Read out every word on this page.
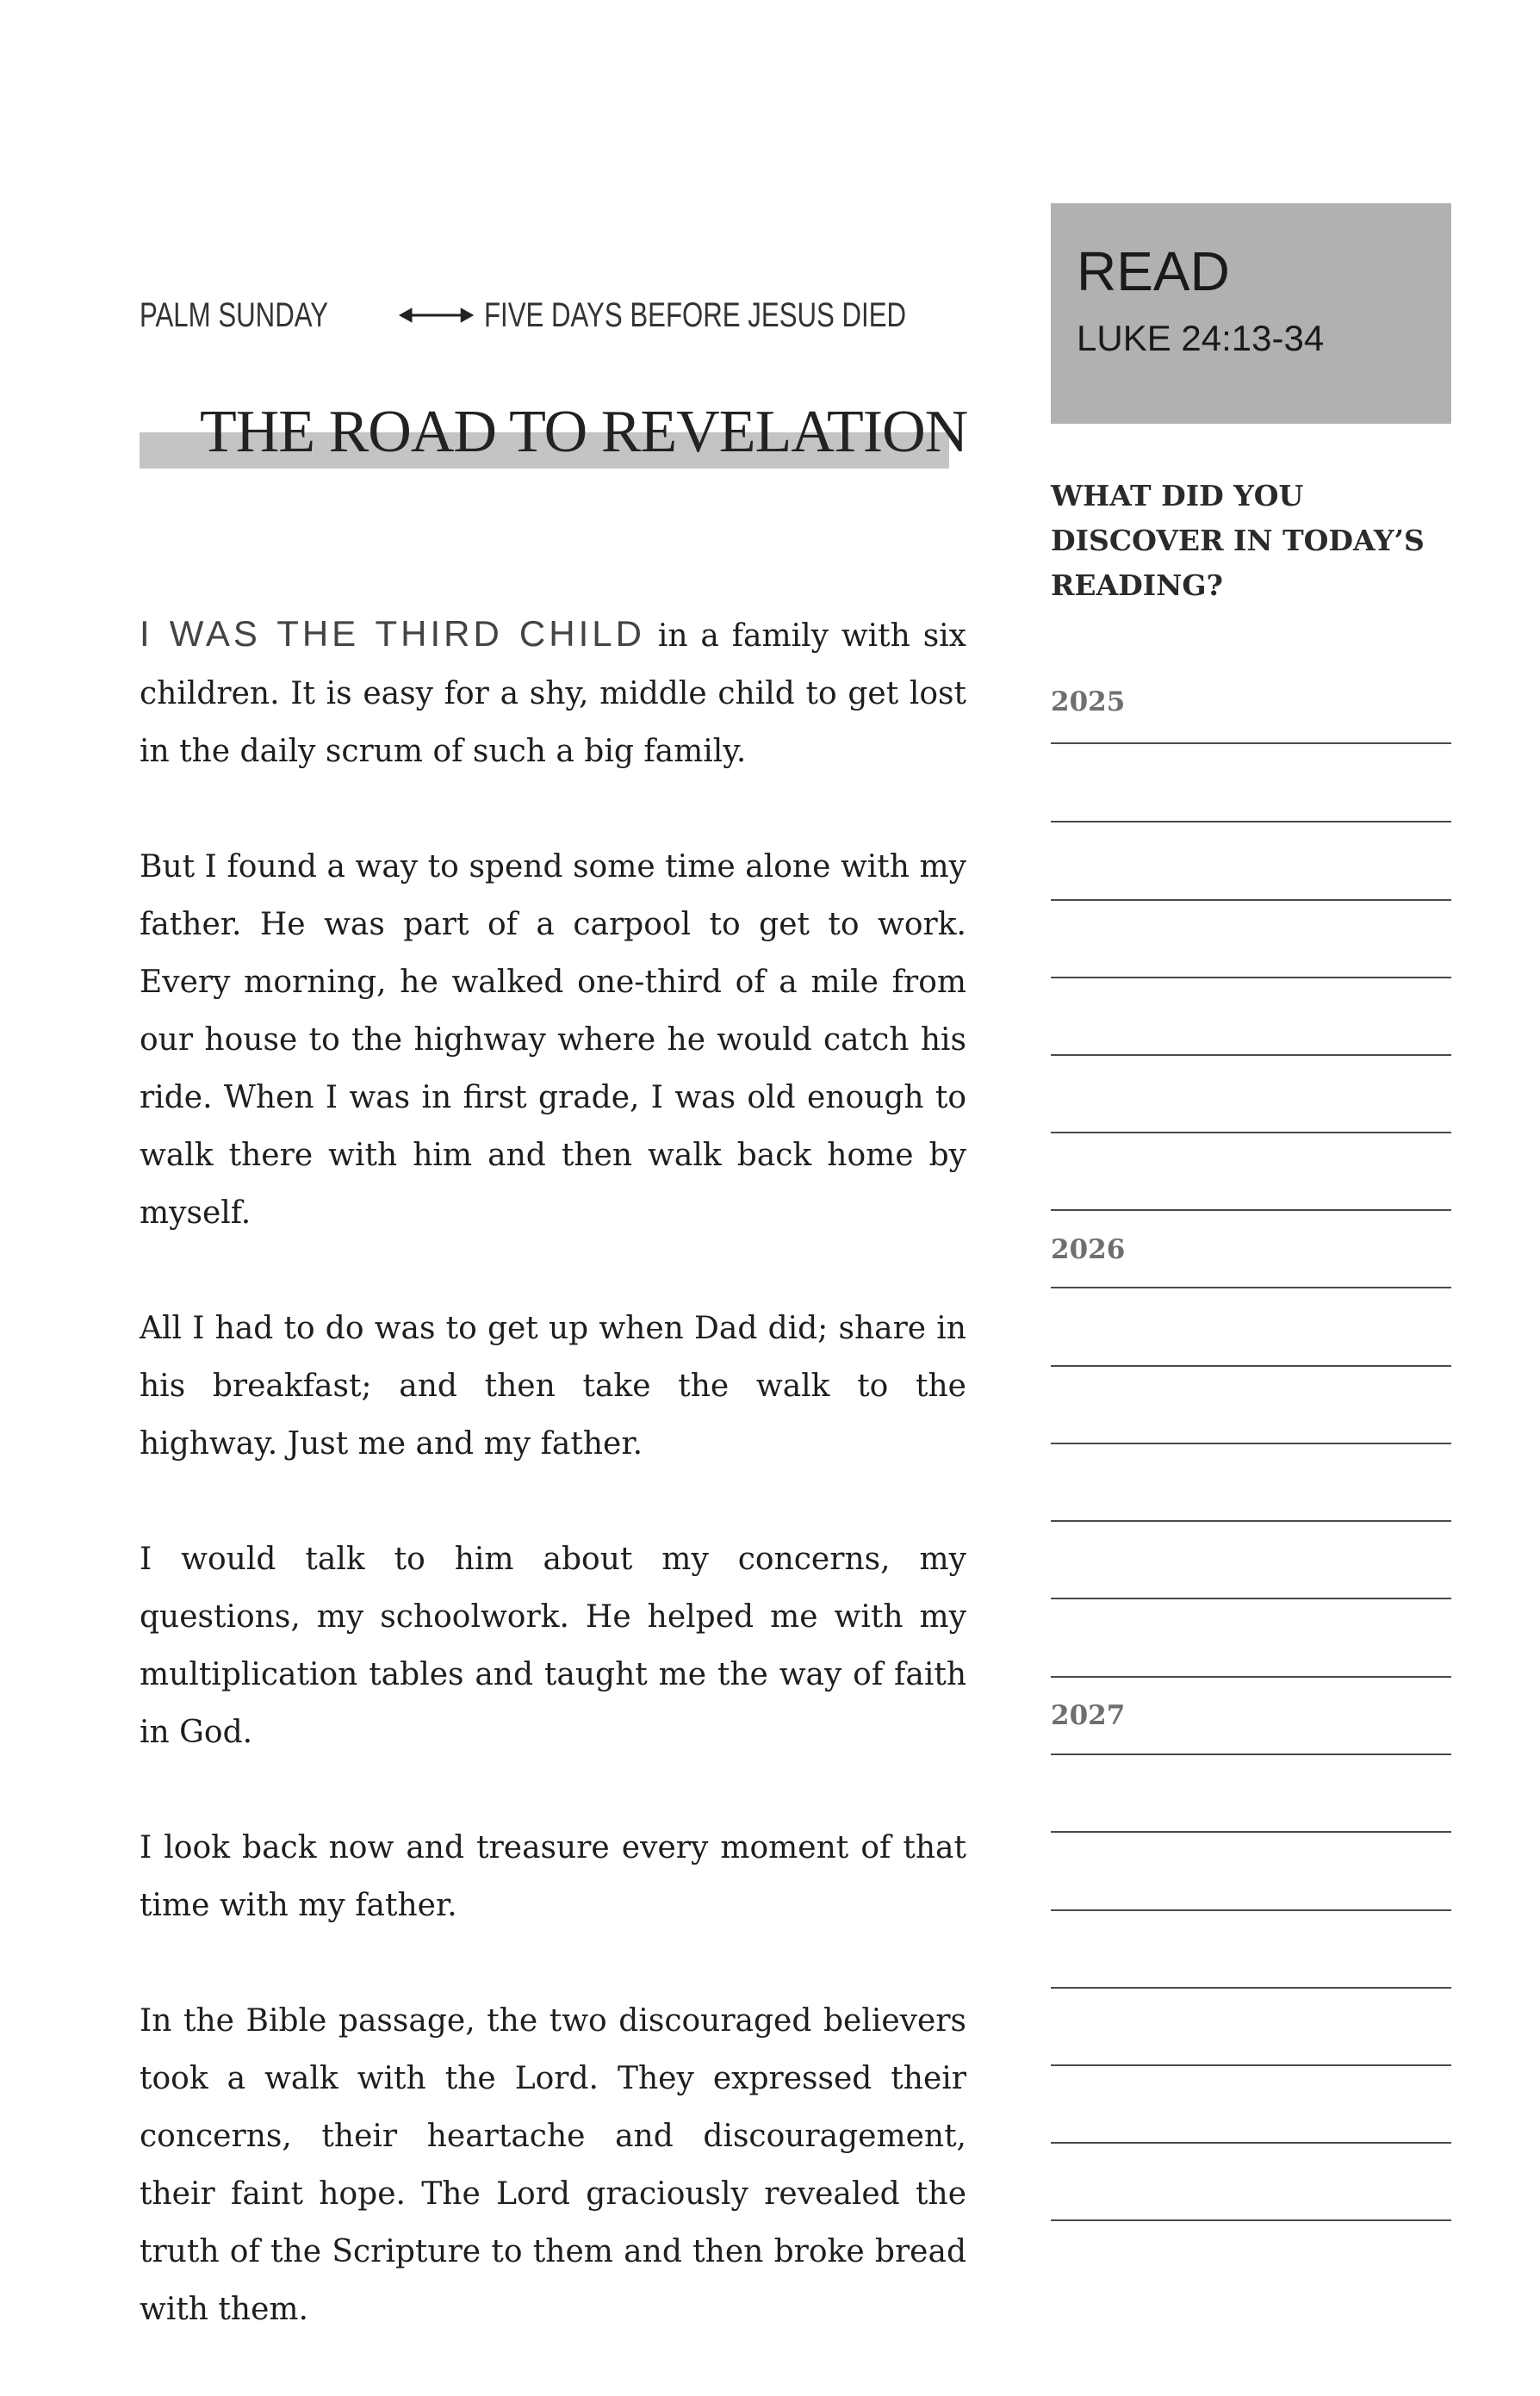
PALM SUNDAY	FIVE DAYS BEFORE JESUS DIED
THE ROAD TO REVELATION

I WAS THE THIRD CHILD in a family with six children. It is easy for a shy, middle child to get lost in the daily scrum of such a big family.

But I found a way to spend some time alone with my father. He was part of a carpool to get to work. Every morning, he walked one-third of a mile from our house to the highway where he would catch his ride. When I was in first grade, I was old enough to walk there with him and then walk back home by myself.

All I had to do was to get up when Dad did; share in his breakfast; and then take the walk to the highway. Just me and my father.

I would talk to him about my concerns, my questions, my schoolwork. He helped me with my multiplication tables and taught me the way of faith in God.

I look back now and treasure every moment of that time with my father.

In the Bible passage, the two discouraged believers took a walk with the Lord. They expressed their concerns, their heartache and discouragement, their faint hope. The Lord graciously revealed the truth of the Scripture to them and then broke bread with them.

READ
LUKE 24:13-34
WHAT DID YOU DISCOVER IN TODAY’S READING?
2025
2026
2027
